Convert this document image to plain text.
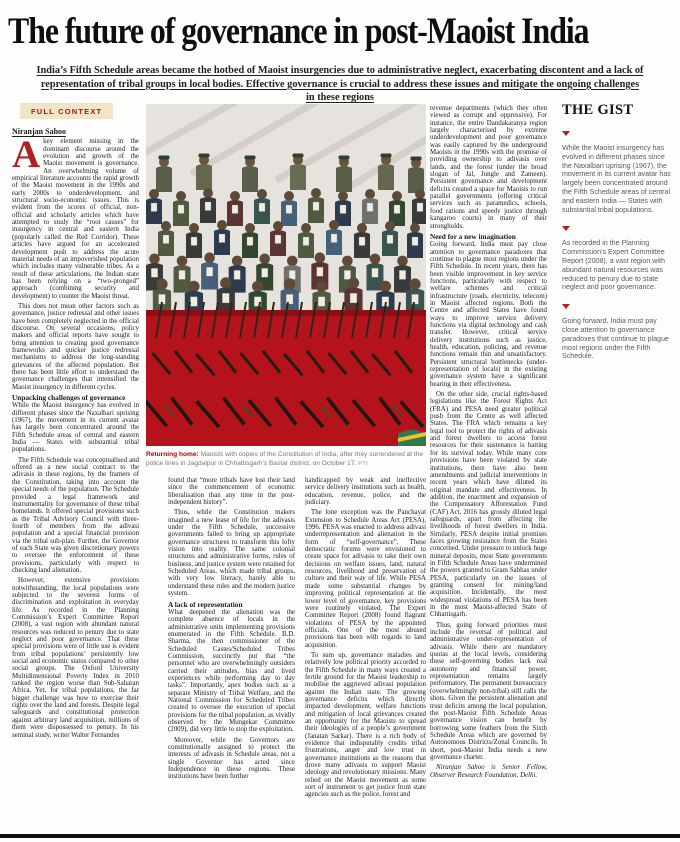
The future of governance in post-Maoist India

India’s Fifth Schedule areas became the hotbed of Maoist insurgencies due to administrative neglect, exacerbating discontent and a lack of representation of tribal groups in local bodies. Effective governance is crucial to address these issues and mitigate the ongoing challenges in these regions

FULL CONTEXT

Niranjan Sahoo

Akey element missing in the dominant discourse around the evolution and growth of the Maoist movement is governance. An overwhelming volume of empirical literature accounts the rapid growth of the Maoist movement in the 1990s and early 2000s to underdevelopment, and structural socio-economic issues. This is evident from the scores of official, non-official and scholarly articles which have attempted to study the “root causes” for insurgency in central and eastern India (popularly called the Red Corridor). These articles have argued for an accelerated development push to address the acute material needs of an impoverished population which includes many vulnerable tribes. As a result of these articulations, the Indian state has been relying on a “two-pronged” approach (combining security and development) to counter the Maoist threat.

This does not mean other factors such as governance, justice redressal and other issues have been completely neglected in the official discourse. On several occasions, policy makers and official reports have sought to bring attention to creating good governance frameworks and quicker justice redressal mechanisms to address the long-standing grievances of the affected population. But there has been little effort to understand the governance challenges that intensified the Maoist insurgency in different cycles.

Unpacking challenges of governance

While the Maoist insurgency has evolved in different phases since the Naxalbari uprising (1967), the movement in its current avatar has largely been concentrated around the Fifth Schedule areas of central and eastern India — States with substantial tribal populations.

The Fifth Schedule was conceptualised and offered as a new social contract to the adivasis in these regions, by the framers of the Constitution, taking into account the special needs of the population. The Schedule provided a legal framework and instrumentality for governance of these tribal homelands. It offered special provisions such as the Tribal Advisory Council with three-fourth of members from the adivasi population and a special financial provision via the tribal sub-plan. Further, the Governor of each State was given discretionary powers to oversee the enforcement of these provisions, particularly with respect to checking land alienation.

However, extensive provisions notwithstanding, the local populations were subjected to the severest forms of discrimination and exploitation in everyday life. As recorded in the Planning Commission’s Expert Committee Report (2008), a vast region with abundant natural resources was reduced to penury due to state neglect and poor governance. That these special provisions were of little use is evident from tribal populations’ persistently low social and economic status compared to other social groups. The Oxford University Multidimensional Poverty Index in 2010 ranked the region worse than Sub-Saharan Africa. Yet, for tribal populations, the far bigger challenge was how to exercise their rights over the land and forests. Despite legal safeguards and constitutional protection against arbitrary land acquisition, millions of them were dispossessed to penury. In his seminal study, writer Walter Fernandes

Returning home: Maoists with copies of the Constitution of India, after they surrendered at the police lines in Jagdalpur in Chhattisgarh’s Bastar district, on October 17. PTI

found that “more tribals have lost their land since the commencement of economic liberalisation than any time in the post-independent history”.

Thus, while the Constitution makers imagined a new lease of life for the adivasis under the Fifth Schedule, successive governments failed to bring up appropriate governance structures to transform this lofty vision into reality. The same colonial structures and administrative forms, rules of business, and justice system were retained for Scheduled Areas, which made tribal groups, with very low literacy, barely able to understand these rules and the modern justice system.

A lack of representation

What deepened the alienation was the complete absence of locals in the administrative units implementing provisions enumerated in the Fifth Schedule. B.D. Sharma, the then commissioner of the Scheduled Castes/Scheduled Tribes Commission, succinctly put that “the personnel who are overwhelmingly outsiders carried their attitudes, bias and lived experiences while performing day to day tasks”. Importantly, apex bodies such as a separate Ministry of Tribal Welfare, and the National Commission for Scheduled Tribes created to oversee the execution of special provisions for the tribal population, as vividly observed by the Mungekar Committee (2009), did very little to stop the exploitation.

Moreover, while the Governors are constitutionally assigned to protect the interests of adivasis in Schedule areas, not a single Governor has acted since Independence in these regions. These institutions have been further

handicapped by weak and ineffective service delivery institutions such as health, education, revenue, police, and the judiciary.

The lone exception was the Panchayat Extension to Schedule Areas Act (PESA), 1996. PESA was enacted to address adivasi underrepresentation and alienation in the form of “self-governance”. These democratic forums were envisioned to create space for adivasis to take their own decisions on welfare issues, land, natural resources, livelihood and preservation of culture and their way of life. While PESA made some substantial changes by improving political representation at the lower level of governance, key provisions were routinely violated. The Expert Committee Report (2008) found flagrant violations of PESA by the appointed officials. One of the most abused provisions has been with regards to land acquisition.

To sum up, governance maladies and relatively low political priority accorded to the Fifth Schedule in many ways created a fertile ground for the Maoist leadership to mobilise the aggrieved adivasi population against the Indian state. The growing governance deficits which directly impacted development, welfare functions and mitigation of local grievances created an opportunity for the Maoists to spread their ideologies of a people’s government (Janatan Sarkar). There is a rich body of evidence that indisputably credits tribal frustrations, anger and low trust in governance institutions as the reasons that drove many adivasis to support Maoist ideology and revolutionary missions. Many relied on the Maoist movement as some sort of instrument to get justice from state agencies such as the police, forest and

revenue departments (which they often viewed as corrupt and oppressive). For instance, the entire Dandakaranya region largely characterised by extreme underdevelopment and poor governance was easily captured by the underground Maoists in the 1990s with the promise of providing ownership to adivasis over lands, and the forest (under the broad slogan of Jal, Jungle and Zameen). Persistent governance and development deficits created a space for Maoists to run parallel governments (offering critical services such as paramedics, schools, food rations and speedy justice through kangaroo courts) in many of their strongholds.

Need for a new imagination

Going forward, India must pay close attention to governance paradoxes that continue to plague most regions under the Fifth Schedule. In recent years, there has been visible improvement in key service functions, particularly with respect to welfare schemes and critical infrastructure (roads, electricity, telecom) in Maoist affected regions. Both the Centre and affected States have found ways to improve service delivery functions via digital technology and cash transfer. However, critical service delivery institutions such as justice, health, education, policing, and revenue functions remain thin and unsatisfactory. Persistent structural bottlenecks (under-representation of locals) in the existing governance system have a significant bearing in their effectiveness.

On the other side, crucial rights-based legislations like the Forest Rights Act (FRA) and PESA need greater political push from the Centre as well affected States. The FRA which remains a key legal tool to protect the rights of adivasis and forest dwellers to access forest resources for their sustenance is batting for its survival today. While many core provisions have been violated by state institutions, there have also been amendments and judicial interventions in recent years which have diluted its original mandate and effectiveness. In addition, the enactment and expansion of the Compensatory Afforestation Fund (CAF) Act, 2016 has grossly diluted legal safeguards, apart from affecting the livelihoods of forest dwellers in India. Similarly, PESA despite initial promises faces growing resistance from the States concerned. Under pressure to unlock huge mineral deposits, most State governments in Fifth Schedule Areas have undermined the powers granted to Gram Sabhas under PESA, particularly on the issues of granting consent for mining/land acquisition. Incidentally, the most widespread violations of PESA has been in the most Maoist-affected State of Chhattisgarh.

Thus, going forward priorities must include the reversal of political and administrative under-representation of adivasis. While there are mandatory quotas at the local levels, considering these self-governing bodies lack real autonomy and financial power, representation remains largely performatory. The permanent bureaucracy (overwhelmingly non-tribal) still calls the shots. Given the persistent alienation and trust deficits among the local population, the post-Maoist Fifth Schedule Areas governance vision can benefit by borrowing some feathers from the Sixth Schedule Areas which are governed by Autonomous Districts/Zonal Councils. In short, post-Maoist India needs a new governance charter.

Niranjan Sahoo is Senior Fellow, Observer Research Foundation, Delhi.

THE GIST

While the Maoist insurgency has evolved in different phases since the Naxalbari uprising (1967), the movement in its current avatar has largely been concentrated around the Fifth Schedule areas of central and eastern India — States with substantial tribal populations.

As recorded in the Planning Commission’s Expert Committee Report (2008), a vast region with abundant natural resources was reduced to penury due to state neglect and poor governance.

Going forward, India must pay close attention to governance paradoxes that continue to plague most regions under the Fifth Schedule.
